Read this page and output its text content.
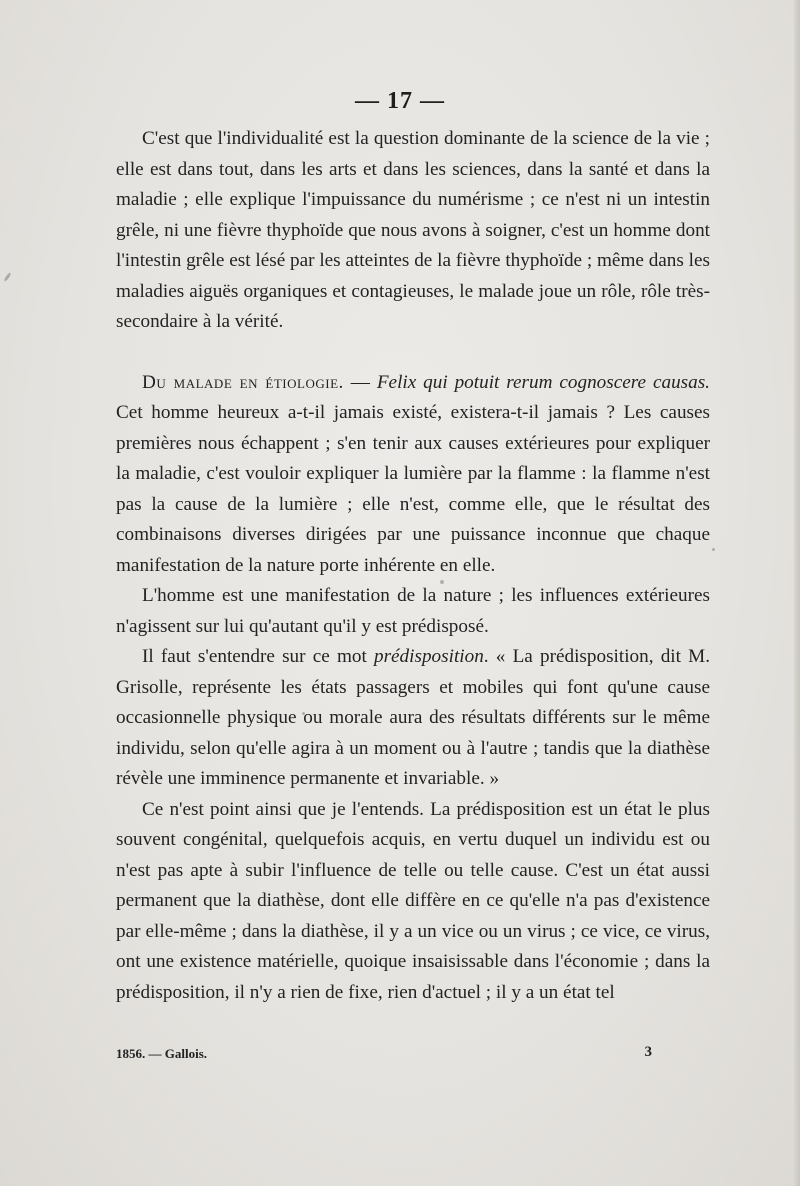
— 17 —

C'est que l'individualité est la question dominante de la science de la vie ; elle est dans tout, dans les arts et dans les sciences, dans la santé et dans la maladie ; elle explique l'impuissance du numérisme ; ce n'est ni un intestin grêle, ni une fièvre thyphoïde que nous avons à soigner, c'est un homme dont l'intestin grêle est lésé par les atteintes de la fièvre thyphoïde ; même dans les maladies aiguës organiques et contagieuses, le malade joue un rôle, rôle très-secondaire à la vérité.

Du malade en étiologie. — Felix qui potuit rerum cognoscere causas. Cet homme heureux a-t-il jamais existé, existera-t-il jamais ? Les causes premières nous échappent ; s'en tenir aux causes extérieures pour expliquer la maladie, c'est vouloir expliquer la lumière par la flamme : la flamme n'est pas la cause de la lumière ; elle n'est, comme elle, que le résultat des combinaisons diverses dirigées par une puissance inconnue que chaque manifestation de la nature porte inhérente en elle.

L'homme est une manifestation de la nature ; les influences extérieures n'agissent sur lui qu'autant qu'il y est prédisposé.

Il faut s'entendre sur ce mot prédisposition. « La prédisposition, dit M. Grisolle, représente les états passagers et mobiles qui font qu'une cause occasionnelle physique ou morale aura des résultats différents sur le même individu, selon qu'elle agira à un moment ou à l'autre ; tandis que la diathèse révèle une imminence permanente et invariable. »

Ce n'est point ainsi que je l'entends. La prédisposition est un état le plus souvent congénital, quelquefois acquis, en vertu duquel un individu est ou n'est pas apte à subir l'influence de telle ou telle cause. C'est un état aussi permanent que la diathèse, dont elle diffère en ce qu'elle n'a pas d'existence par elle-même ; dans la diathèse, il y a un vice ou un virus ; ce vice, ce virus, ont une existence matérielle, quoique insaisissable dans l'économie ; dans la prédisposition, il n'y a rien de fixe, rien d'actuel ; il y a un état tel

1856. — Gallois.	3
